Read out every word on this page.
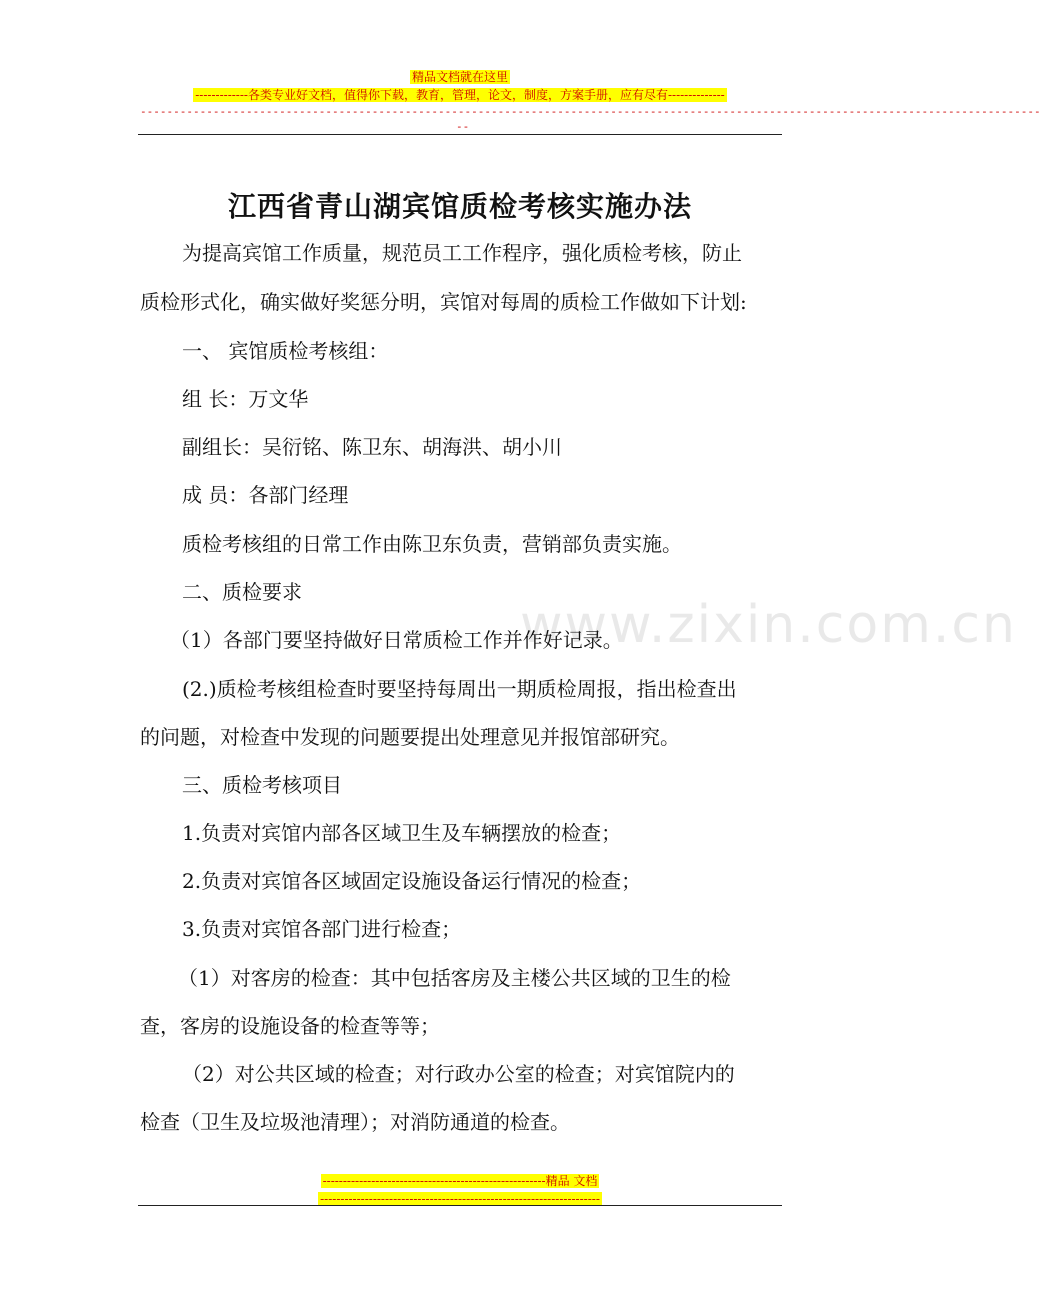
精品文档就在这里
-------------各类专业好文档，值得你下载，教育，管理，论文，制度，方案手册，应有尽有--------------
----------------------------------------------------------------------------------------------------------------------------------------
--
www.zixin.com.cn
江西省青山湖宾馆质检考核实施办法
为提高宾馆工作质量，规范员工工作程序，强化质检考核，防止
质检形式化，确实做好奖惩分明，宾馆对每周的质检工作做如下计划:
一、 宾馆质检考核组：
组 长：万文华
副组长：吴衍铭、陈卫东、胡海洪、胡小川
成 员：各部门经理
质检考核组的日常工作由陈卫东负责，营销部负责实施。
二、质检要求
（1）各部门要坚持做好日常质检工作并作好记录。
(2.)质检考核组检查时要坚持每周出一期质检周报，指出检查出
的问题，对检查中发现的问题要提出处理意见并报馆部研究。
三、质检考核项目
1.负责对宾馆内部各区域卫生及车辆摆放的检查；
2.负责对宾馆各区域固定设施设备运行情况的检查；
3.负责对宾馆各部门进行检查；
（1）对客房的检查：其中包括客房及主楼公共区域的卫生的检
查，客房的设施设备的检查等等；
（2）对公共区域的检查；对行政办公室的检查；对宾馆院内的
检查（卫生及垃圾池清理）；对消防通道的检查。
-------------------------------------------------------精品 文档
---------------------------------------------------------------------
